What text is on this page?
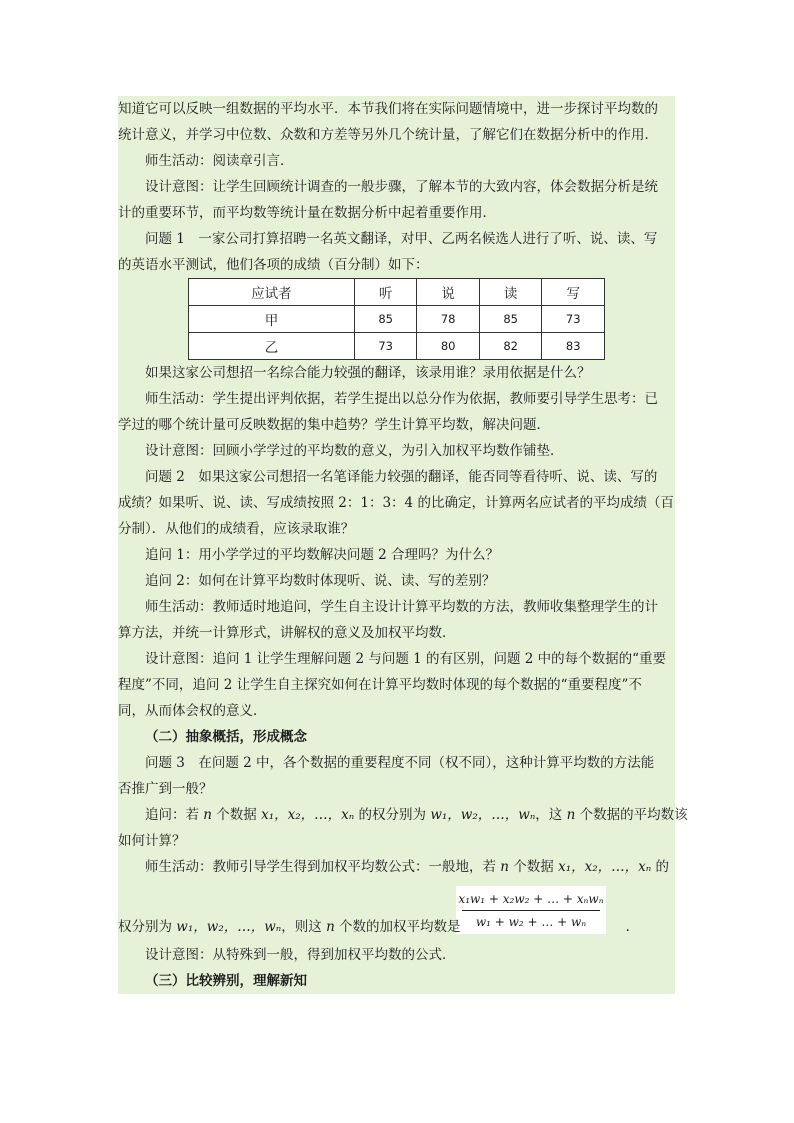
知道它可以反映一组数据的平均水平．本节我们将在实际问题情境中，进一步探讨平均数的
统计意义，并学习中位数、众数和方差等另外几个统计量，了解它们在数据分析中的作用．
师生活动：阅读章引言．
设计意图：让学生回顾统计调查的一般步骤，了解本节的大致内容，体会数据分析是统
计的重要环节，而平均数等统计量在数据分析中起着重要作用．
问题 1　一家公司打算招聘一名英文翻译，对甲、乙两名候选人进行了听、说、读、写
的英语水平测试，他们各项的成绩（百分制）如下：
应试者	听	说	读	写
甲	85	78	85	73
乙	73	80	82	83
如果这家公司想招一名综合能力较强的翻译，该录用谁？录用依据是什么？
师生活动：学生提出评判依据，若学生提出以总分作为依据，教师要引导学生思考：已
学过的哪个统计量可反映数据的集中趋势？学生计算平均数，解决问题．
设计意图：回顾小学学过的平均数的意义，为引入加权平均数作铺垫．
问题 2　如果这家公司想招一名笔译能力较强的翻译，能否同等看待听、说、读、写的
成绩？如果听、说、读、写成绩按照 2：1：3：4 的比确定，计算两名应试者的平均成绩（百
分制）．从他们的成绩看，应该录取谁？
追问 1：用小学学过的平均数解决问题 2 合理吗？为什么？
追问 2：如何在计算平均数时体现听、说、读、写的差别？
师生活动：教师适时地追问，学生自主设计计算平均数的方法，教师收集整理学生的计
算方法，并统一计算形式，讲解权的意义及加权平均数．
设计意图：追问 1 让学生理解问题 2 与问题 1 的有区别，问题 2 中的每个数据的“重要
程度”不同，追问 2 让学生自主探究如何在计算平均数时体现的每个数据的“重要程度”不
同，从而体会权的意义．
（二）抽象概括，形成概念
问题 3　在问题 2 中，各个数据的重要程度不同（权不同），这种计算平均数的方法能
否推广到一般？
追问：若 n 个数据 x₁，x₂，…，xₙ 的权分别为 w₁，w₂，…，wₙ，这 n 个数据的平均数该
如何计算？
师生活动：教师引导学生得到加权平均数公式：一般地，若 n 个数据 x₁，x₂，…，xₙ 的
x₁w₁ + x₂w₂ + … + xₙwₙ
w₁ + w₂ + … + wₙ
权分别为 w₁，w₂，…，wₙ，则这 n 个数的加权平均数是	．
设计意图：从特殊到一般，得到加权平均数的公式．
（三）比较辨别，理解新知
